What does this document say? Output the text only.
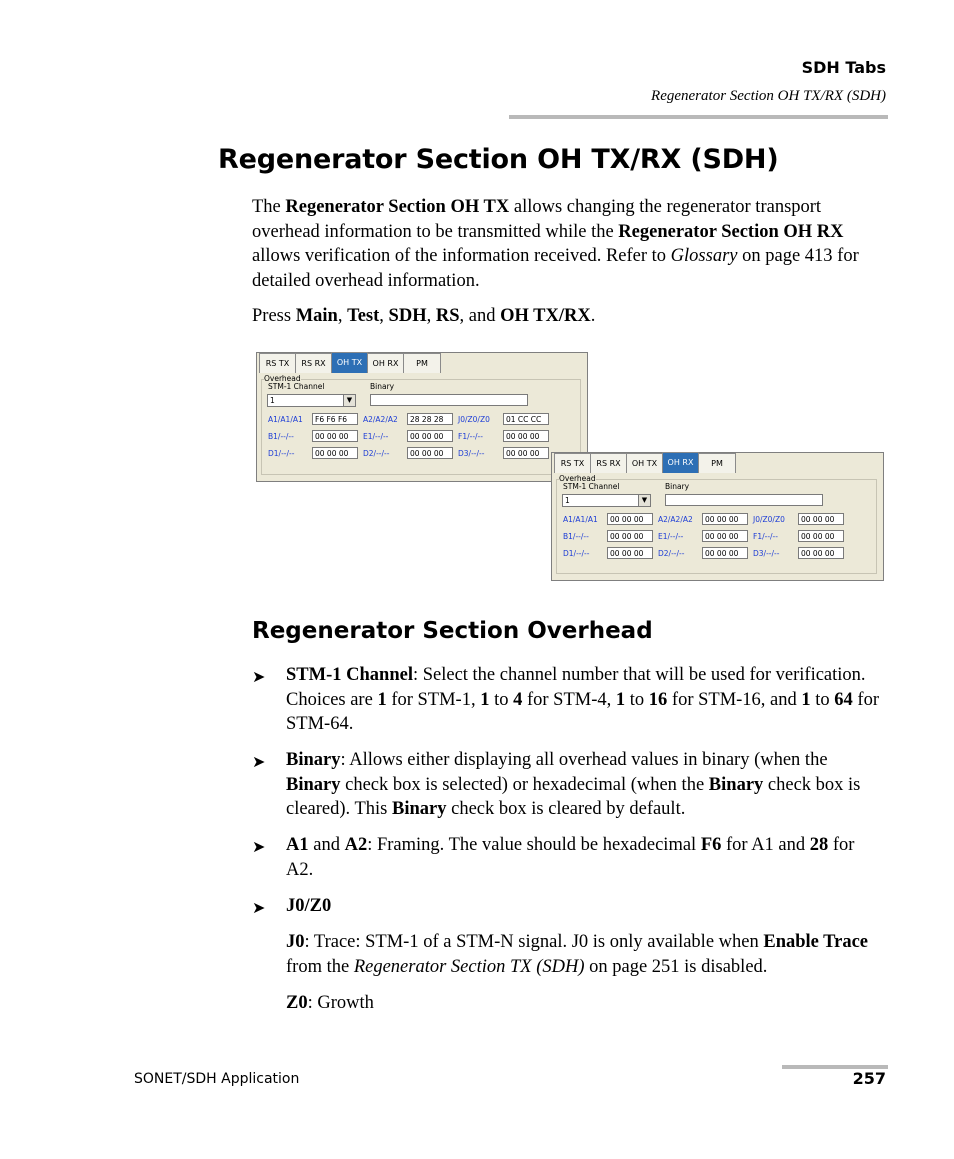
SDH Tabs
Regenerator Section OH TX/RX (SDH)
Regenerator Section OH TX/RX (SDH)

The Regenerator Section OH TX allows changing the regenerator transport overhead information to be transmitted while the Regenerator Section OH RX allows verification of the information received. Refer to Glossary on page 413 for detailed overhead information.

Press Main, Test, SDH, RS, and OH TX/RX.

RS TX	RS RX	OH TX	OH RX	PM
Overhead
STM-1 Channel	Binary
1	▼
A1/A1/A1	F6 F6 F6	A2/A2/A2	28 28 28	J0/Z0/Z0	01 CC CC
B1/--/--	00 00 00	E1/--/--	00 00 00	F1/--/--	00 00 00
D1/--/--	00 00 00	D2/--/--	00 00 00	D3/--/--	00 00 00
RS TX	RS RX	OH TX	OH RX	PM
Overhead
STM-1 Channel	Binary
1	▼
A1/A1/A1	00 00 00	A2/A2/A2	00 00 00	J0/Z0/Z0	00 00 00
B1/--/--	00 00 00	E1/--/--	00 00 00	F1/--/--	00 00 00
D1/--/--	00 00 00	D2/--/--	00 00 00	D3/--/--	00 00 00
Regenerator Section Overhead
➤ STM-1 Channel: Select the channel number that will be used for verification. Choices are 1 for STM-1, 1 to 4 for STM-4, 1 to 16 for STM-16, and 1 to 64 for STM-64.

➤ Binary: Allows either displaying all overhead values in binary (when the Binary check box is selected) or hexadecimal (when the Binary check box is cleared). This Binary check box is cleared by default.

➤ A1 and A2: Framing. The value should be hexadecimal F6 for A1 and 28 for A2.

➤ J0/Z0

J0: Trace: STM-1 of a STM-N signal. J0 is only available when Enable Trace from the Regenerator Section TX (SDH) on page 251 is disabled.

Z0: Growth

SONET/SDH Application	257
